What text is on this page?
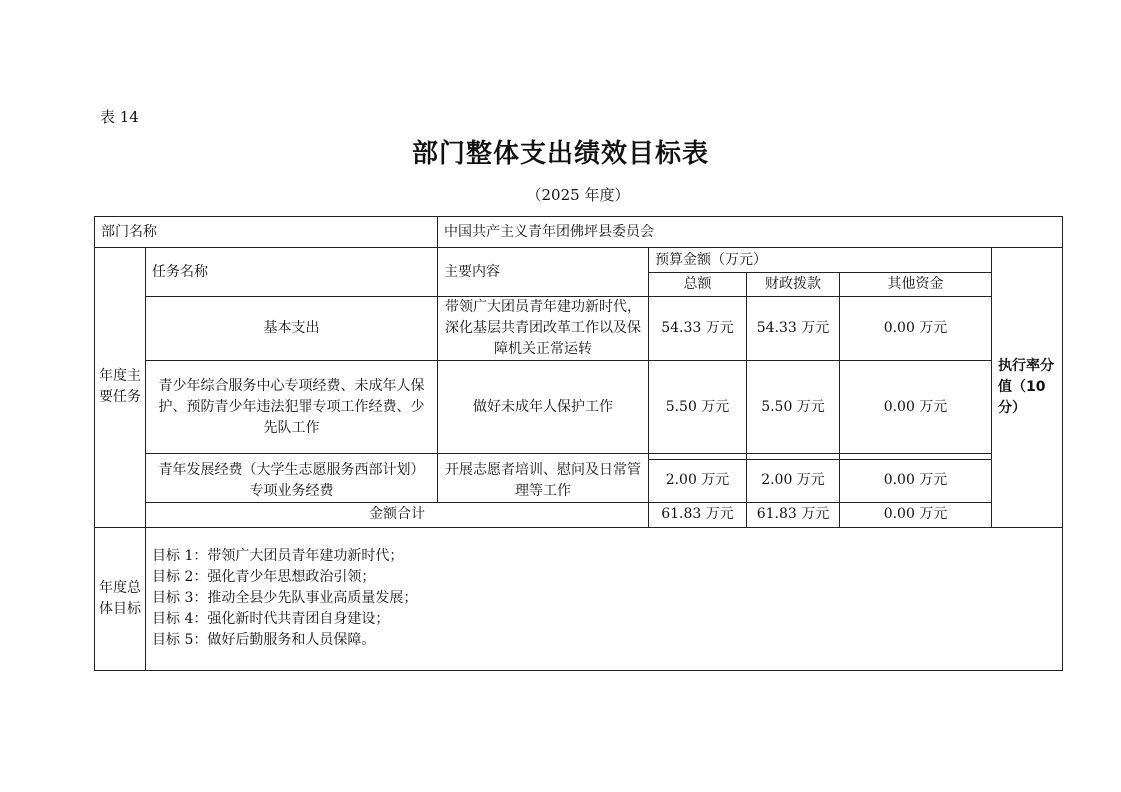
表 14
部门整体支出绩效目标表
（2025 年度）
部门名称		中国共产主义青年团佛坪县委员会				
年度主要任务	任务名称	主要内容	预算金额（万元）			执行率分值（10分）
			总额	财政拨款	其他资金	
	基本支出	带领广大团员青年建功新时代，深化基层共青团改革工作以及保障机关正常运转	54.33 万元	54.33 万元	0.00 万元	
	青少年综合服务中心专项经费、未成年人保护、预防青少年违法犯罪专项工作经费、少先队工作	做好未成年人保护工作	5.50 万元	5.50 万元	0.00 万元	

	青年发展经费（大学生志愿服务西部计划）专项业务经费	开展志愿者培训、慰问及日常管理等工作	2.00 万元	2.00 万元	0.00 万元	
	金额合计		61.83 万元	61.83 万元	0.00 万元	
年度总体目标	目标 1：带领广大团员青年建功新时代；
目标 2：强化青少年思想政治引领；
目标 3：推动全县少先队事业高质量发展；
目标 4：强化新时代共青团自身建设；
目标 5：做好后勤服务和人员保障。					
